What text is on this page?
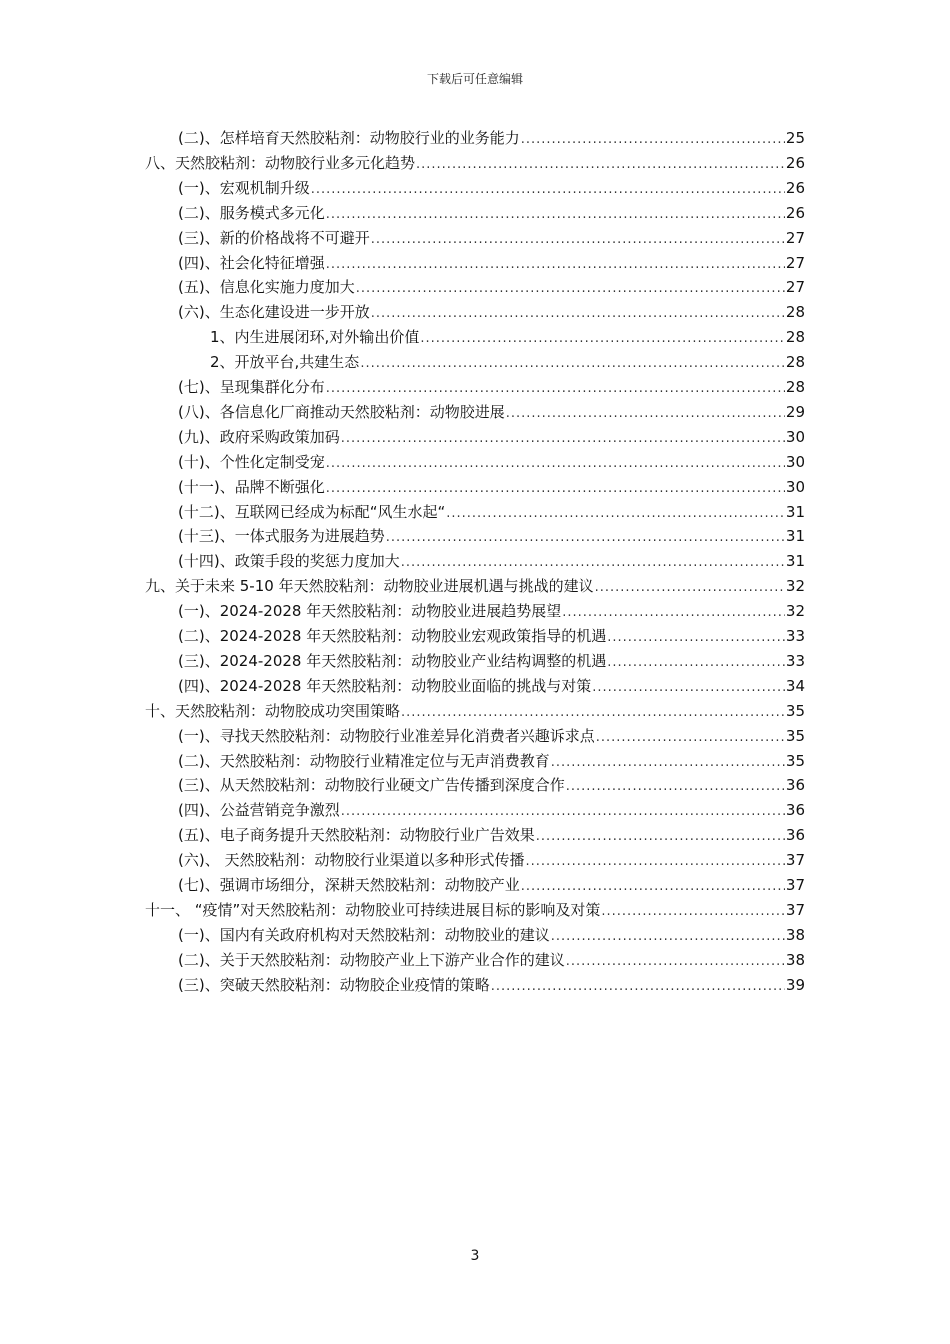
下载后可任意编辑
(二)、怎样培育天然胶粘剂：动物胶行业的业务能力 .....	25
八、天然胶粘剂：动物胶行业多元化趋势 .....	26
(一)、宏观机制升级 .....	26
(二)、服务模式多元化 .....	26
(三)、新的价格战将不可避开 .....	27
(四)、社会化特征增强 .....	27
(五)、信息化实施力度加大 .....	27
(六)、生态化建设进一步开放 .....	28
1、内生进展闭环,对外输出价值 .....	28
2、开放平台,共建生态 .....	28
(七)、呈现集群化分布 .....	28
(八)、各信息化厂商推动天然胶粘剂：动物胶进展 .....	29
(九)、政府采购政策加码 .....	30
(十)、个性化定制受宠 .....	30
(十一)、品牌不断强化 .....	30
(十二)、互联网已经成为标配“风生水起“ .....	31
(十三)、一体式服务为进展趋势 .....	31
(十四)、政策手段的奖惩力度加大 .....	31
九、关于未来 5-10 年天然胶粘剂：动物胶业进展机遇与挑战的建议 .....	32
(一)、2024-2028 年天然胶粘剂：动物胶业进展趋势展望 .....	32
(二)、2024-2028 年天然胶粘剂：动物胶业宏观政策指导的机遇 .....	33
(三)、2024-2028 年天然胶粘剂：动物胶业产业结构调整的机遇 .....	33
(四)、2024-2028 年天然胶粘剂：动物胶业面临的挑战与对策 .....	34
十、天然胶粘剂：动物胶成功突围策略 .....	35
(一)、寻找天然胶粘剂：动物胶行业准差异化消费者兴趣诉求点 .....	35
(二)、天然胶粘剂：动物胶行业精准定位与无声消费教育 .....	35
(三)、从天然胶粘剂：动物胶行业硬文广告传播到深度合作 .....	36
(四)、公益营销竞争激烈 .....	36
(五)、电子商务提升天然胶粘剂：动物胶行业广告效果 .....	36
(六)、 天然胶粘剂：动物胶行业渠道以多种形式传播 .....	37
(七)、强调市场细分，深耕天然胶粘剂：动物胶产业 .....	37
十一、 “疫情”对天然胶粘剂：动物胶业可持续进展目标的影响及对策 .....	37
(一)、国内有关政府机构对天然胶粘剂：动物胶业的建议 .....	38
(二)、关于天然胶粘剂：动物胶产业上下游产业合作的建议 .....	38
(三)、突破天然胶粘剂：动物胶企业疫情的策略 .....	39
3
